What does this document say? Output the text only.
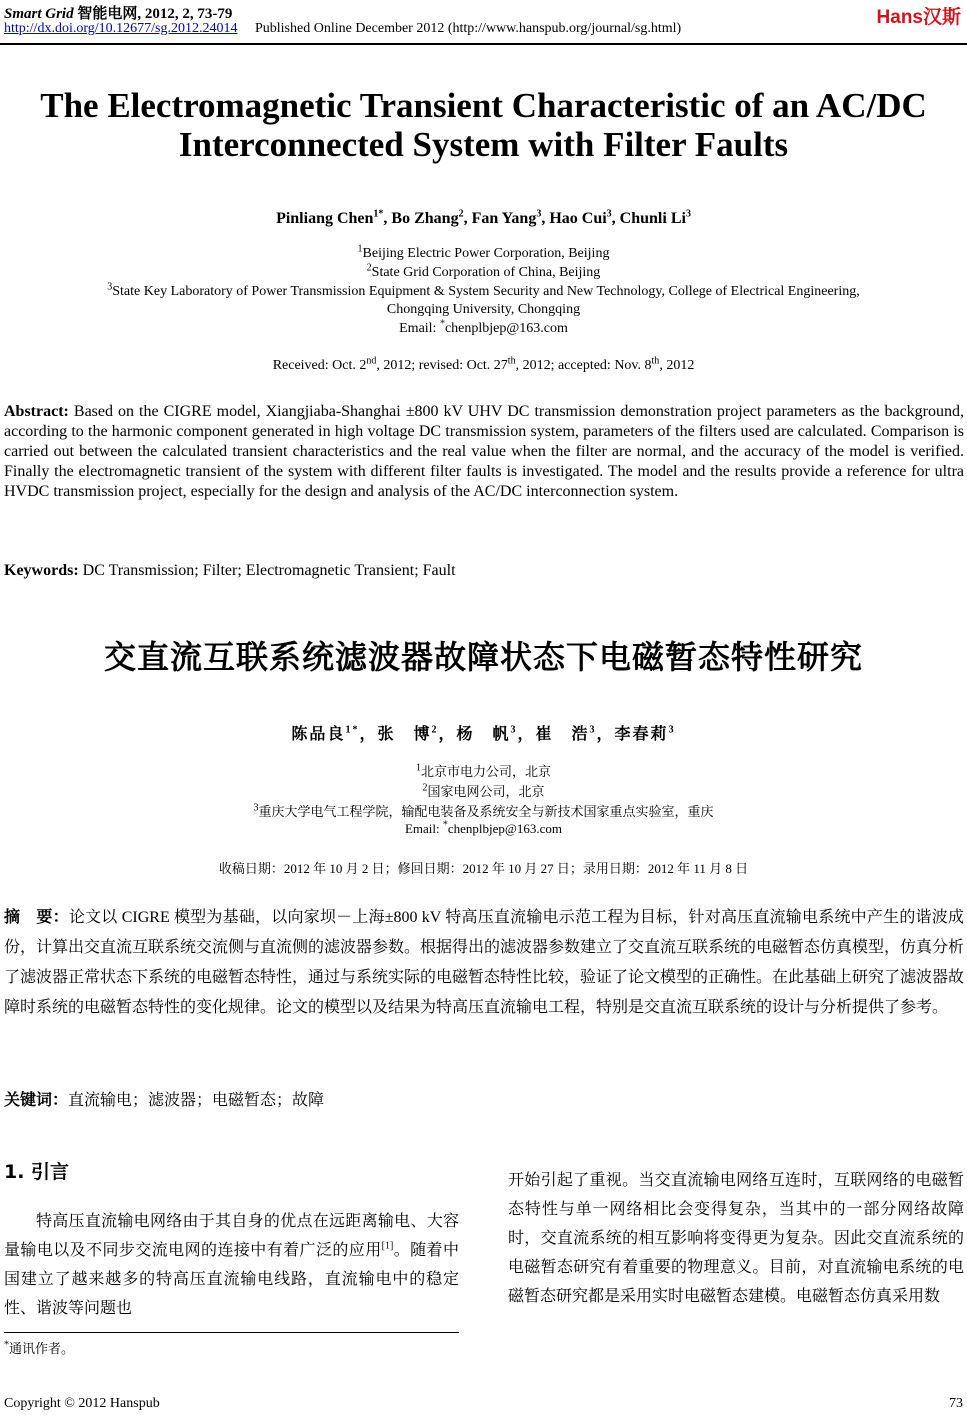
Smart Grid 智能电网, 2012, 2, 73-79	Hans汉斯
http://dx.doi.org/10.12677/sg.2012.24014 Published Online December 2012 (http://www.hanspub.org/journal/sg.html)
The Electromagnetic Transient Characteristic of an AC/DC Interconnected System with Filter Faults
Pinliang Chen$^{1*}$, Bo Zhang$^2$, Fan Yang$^3$, Hao Cui$^3$, Chunli Li$^3$
$^1$Beijing Electric Power Corporation, Beijing
$^2$State Grid Corporation of China, Beijing
$^3$State Key Laboratory of Power Transmission Equipment & System Security and New Technology, College of Electrical Engineering,
Chongqing University, Chongqing
Email: *chenplbjep@163.com
Received: Oct. 2nd, 2012; revised: Oct. 27th, 2012; accepted: Nov. 8th, 2012
Abstract: Based on the CIGRE model, Xiangjiaba-Shanghai ±800 kV UHV DC transmission demonstration project parameters as the background, according to the harmonic component generated in high voltage DC transmission system, parameters of the filters used are calculated. Comparison is carried out between the calculated transient characteristics and the real value when the filter are normal, and the accuracy of the model is verified. Finally the electromagnetic transient of the system with different filter faults is investigated. The model and the results provide a reference for ultra HVDC transmission project, especially for the design and analysis of the AC/DC interconnection system.
Keywords: DC Transmission; Filter; Electromagnetic Transient; Fault
交直流互联系统滤波器故障状态下电磁暂态特性研究
陈品良$^{1*}$，张　博$^2$，杨　帆$^3$，崔　浩$^3$，李春莉$^3$
$^1$北京市电力公司，北京
$^2$国家电网公司，北京
$^3$重庆大学电气工程学院，输配电装备及系统安全与新技术国家重点实验室，重庆
Email: *chenplbjep@163.com
收稿日期：2012 年 10 月 2 日；修回日期：2012 年 10 月 27 日；录用日期：2012 年 11 月 8 日
摘　要：论文以 CIGRE 模型为基础，以向家坝－上海±800 kV 特高压直流输电示范工程为目标，针对高压直流输电系统中产生的谐波成份，计算出交直流互联系统交流侧与直流侧的滤波器参数。根据得出的滤波器参数建立了交直流互联系统的电磁暂态仿真模型，仿真分析了滤波器正常状态下系统的电磁暂态特性，通过与系统实际的电磁暂态特性比较，验证了论文模型的正确性。在此基础上研究了滤波器故障时系统的电磁暂态特性的变化规律。论文的模型以及结果为特高压直流输电工程，特别是交直流互联系统的设计与分析提供了参考。
关键词：直流输电；滤波器；电磁暂态；故障
1. 引言
特高压直流输电网络由于其自身的优点在远距离输电、大容量输电以及不同步交流电网的连接中有着广泛的应用[1]。随着中国建立了越来越多的特高压直流输电线路，直流输电中的稳定性、谐波等问题也
开始引起了重视。当交直流输电网络互连时，互联网络的电磁暂态特性与单一网络相比会变得复杂，当其中的一部分网络故障时，交直流系统的相互影响将变得更为复杂。因此交直流系统的电磁暂态研究有着重要的物理意义。目前，对直流输电系统的电磁暂态研究都是采用实时电磁暂态建模。电磁暂态仿真采用数
*通讯作者。
Copyright © 2012 Hanspub	73
